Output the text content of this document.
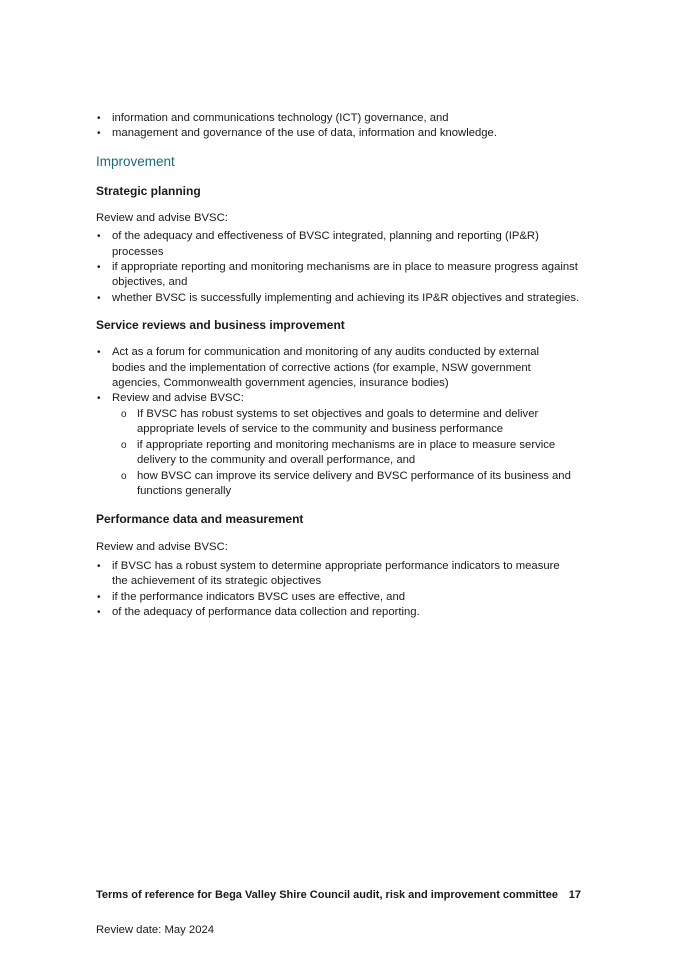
• information and communications technology (ICT) governance, and
• management and governance of the use of data, information and knowledge.
Improvement
Strategic planning

Review and advise BVSC:

• of the adequacy and effectiveness of BVSC integrated, planning and reporting (IP&R) processes
• if appropriate reporting and monitoring mechanisms are in place to measure progress against objectives, and
• whether BVSC is successfully implementing and achieving its IP&R objectives and strategies.
Service reviews and business improvement
• Act as a forum for communication and monitoring of any audits conducted by external bodies and the implementation of corrective actions (for example, NSW government agencies, Commonwealth government agencies, insurance bodies)
• Review and advise BVSC:
o If BVSC has robust systems to set objectives and goals to determine and deliver appropriate levels of service to the community and business performance
o if appropriate reporting and monitoring mechanisms are in place to measure service delivery to the community and overall performance, and
o how BVSC can improve its service delivery and BVSC performance of its business and functions generally
Performance data and measurement

Review and advise BVSC:

• if BVSC has a robust system to determine appropriate performance indicators to measure the achievement of its strategic objectives
• if the performance indicators BVSC uses are effective, and
• of the adequacy of performance data collection and reporting.
Terms of reference for Bega Valley Shire Council audit, risk and improvement committee 17
Review date: May 2024
